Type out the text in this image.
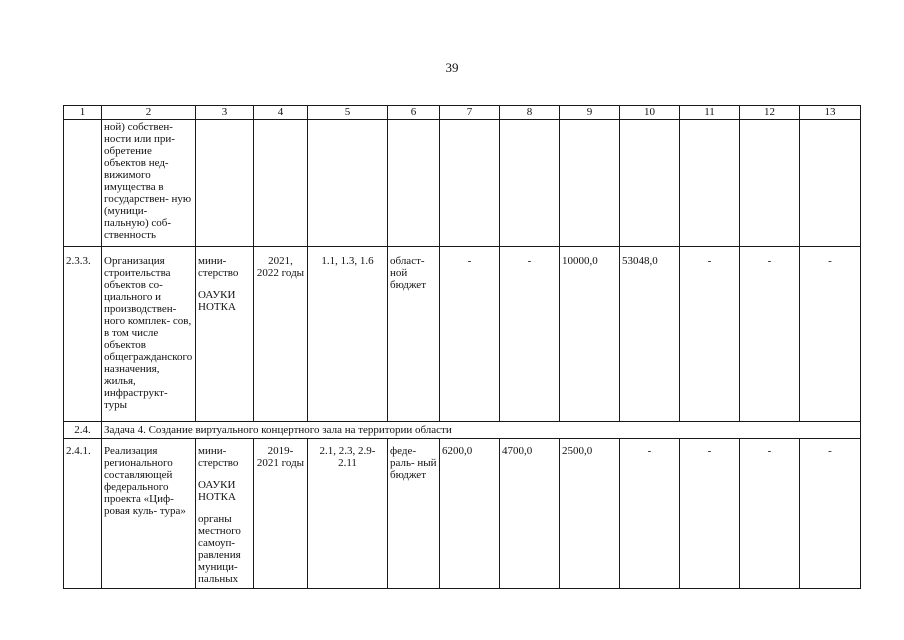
39
1	2	3	4	5	6	7	8	9	10	11	12	13
	ной) собствен- ности или при- обретение объектов нед- вижимого имущества в государствен- ную (муници- пальную) соб- ственность											
2.3.3.	Организация строительства объектов со- циального и производствен- ного комплек- сов, в том числе объектов общегражданского назначения, жилья, инфраструкт- туры	мини- стерство
ОАУКИ НОТКА	2021, 2022 годы	1.1, 1.3, 1.6	област- ной бюджет	-	-	10000,0	53048,0	-	-	-
2.4.	Задача 4. Создание виртуального концертного зала на территории области											
2.4.1.	Реализация регионального составляющей федерального проекта «Циф- ровая куль- тура»	мини- стерство
ОАУКИ НОТКА
органы местного самоуп- равления муници- пальных	2019- 2021 годы	2.1, 2.3, 2.9- 2.11	феде- раль- ный бюджет	6200,0	4700,0	2500,0	-	-	-	-
